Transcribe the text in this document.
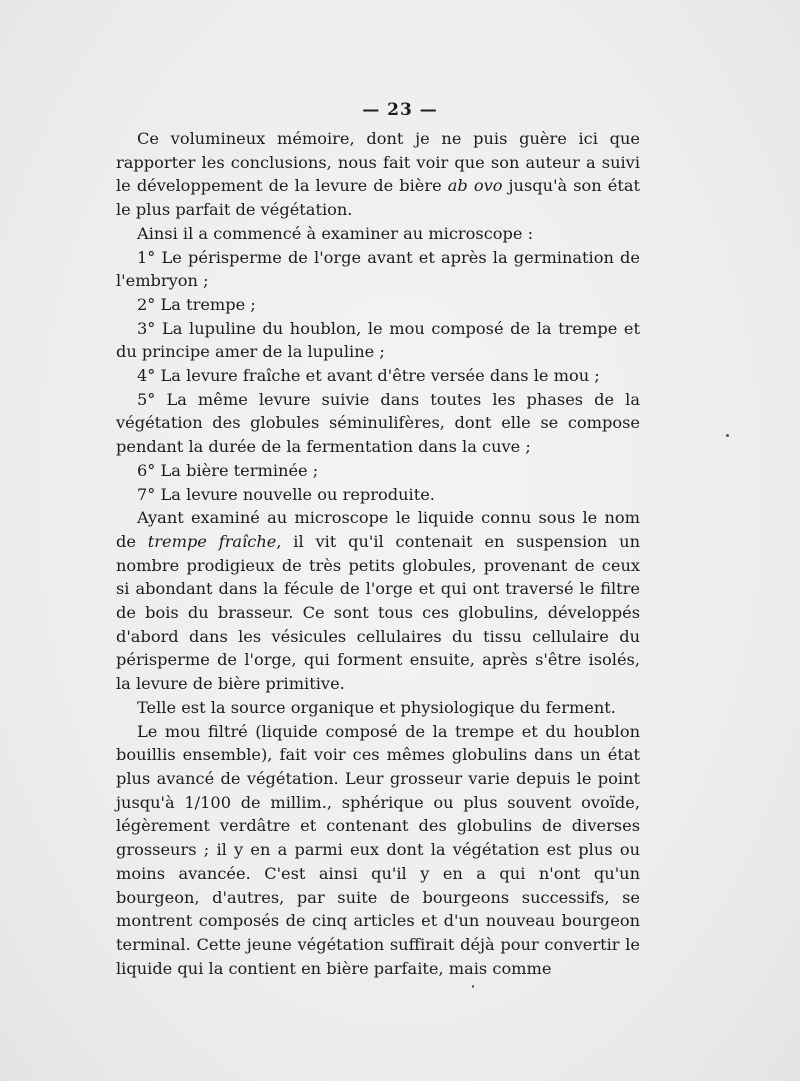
— 23 —

Ce volumineux mémoire, dont je ne puis guère ici que rapporter les conclusions, nous fait voir que son auteur a suivi le développement de la levure de bière ab ovo jusqu'à son état le plus parfait de végétation.

Ainsi il a commencé à examiner au microscope :

1° Le périsperme de l'orge avant et après la germination de l'embryon ;

2° La trempe ;

3° La lupuline du houblon, le mou composé de la trempe et du principe amer de la lupuline ;

4° La levure fraîche et avant d'être versée dans le mou ;

5° La même levure suivie dans toutes les phases de la végétation des globules séminulifères, dont elle se compose pendant la durée de la fermentation dans la cuve ;

6° La bière terminée ;

7° La levure nouvelle ou reproduite.

Ayant examiné au microscope le liquide connu sous le nom de trempe fraîche, il vit qu'il contenait en suspension un nombre prodigieux de très petits globules, provenant de ceux si abondant dans la fécule de l'orge et qui ont traversé le filtre de bois du brasseur. Ce sont tous ces globulins, développés d'abord dans les vésicules cellulaires du tissu cellulaire du périsperme de l'orge, qui forment ensuite, après s'être isolés, la levure de bière primitive.

Telle est la source organique et physiologique du ferment.

Le mou filtré (liquide composé de la trempe et du houblon bouillis ensemble), fait voir ces mêmes globulins dans un état plus avancé de végétation. Leur grosseur varie depuis le point jusqu'à 1/100 de millim., sphérique ou plus souvent ovoïde, légèrement verdâtre et contenant des globulins de diverses grosseurs ; il y en a parmi eux dont la végétation est plus ou moins avancée. C'est ainsi qu'il y en a qui n'ont qu'un bourgeon, d'autres, par suite de bourgeons successifs, se montrent composés de cinq articles et d'un nouveau bourgeon terminal. Cette jeune végétation suffirait déjà pour convertir le liquide qui la contient en bière parfaite, mais comme
